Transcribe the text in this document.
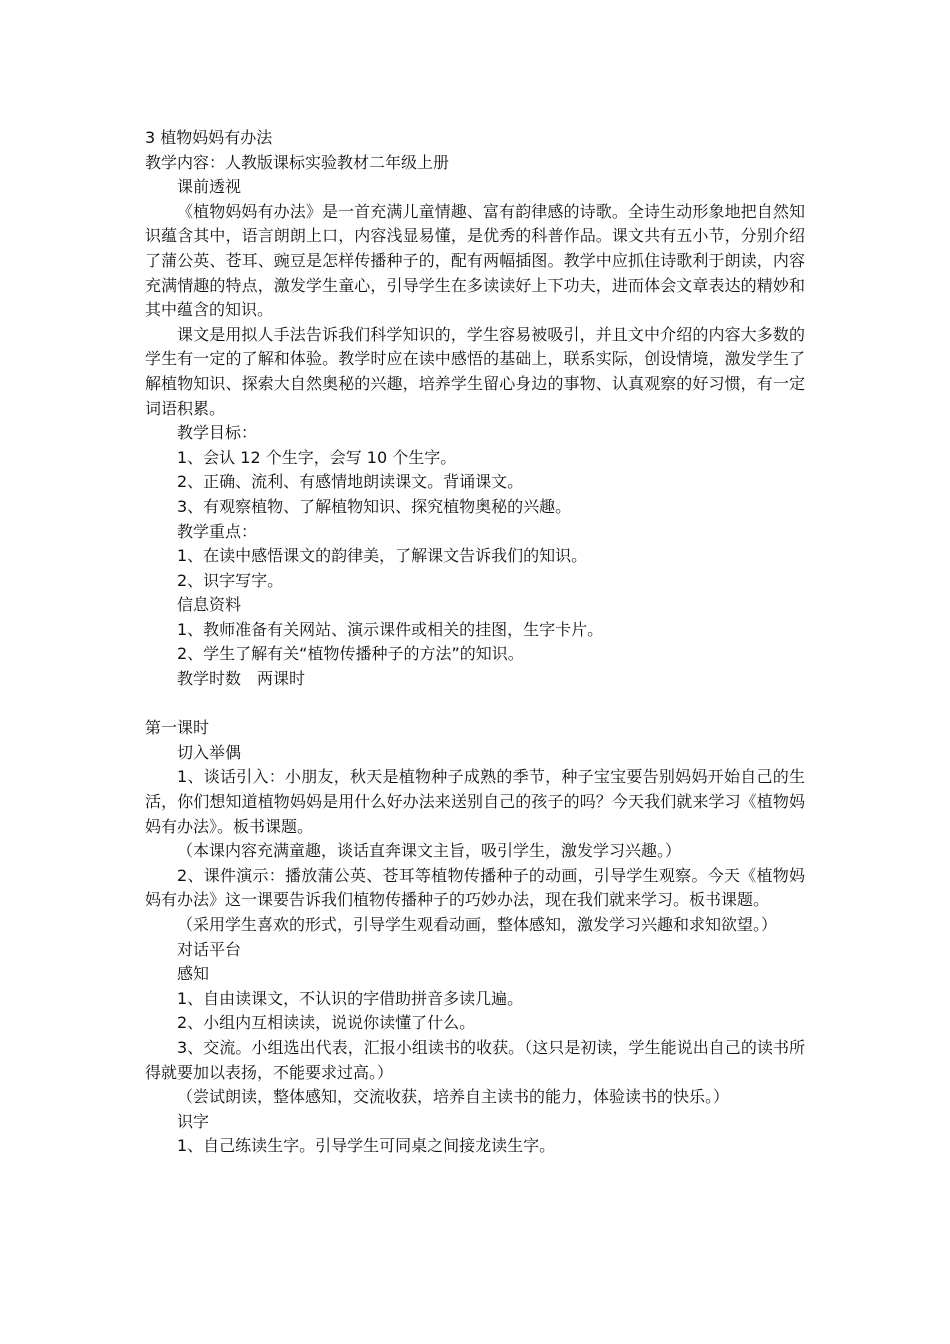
3 植物妈妈有办法

教学内容：人教版课标实验教材二年级上册

课前透视

《植物妈妈有办法》是一首充满儿童情趣、富有韵律感的诗歌。全诗生动形象地把自然知识蕴含其中，语言朗朗上口，内容浅显易懂，是优秀的科普作品。课文共有五小节，分别介绍了蒲公英、苍耳、豌豆是怎样传播种子的，配有两幅插图。教学中应抓住诗歌利于朗读，内容充满情趣的特点，激发学生童心，引导学生在多读读好上下功夫，进而体会文章表达的精妙和其中蕴含的知识。

课文是用拟人手法告诉我们科学知识的，学生容易被吸引，并且文中介绍的内容大多数的学生有一定的了解和体验。教学时应在读中感悟的基础上，联系实际，创设情境，激发学生了解植物知识、探索大自然奥秘的兴趣，培养学生留心身边的事物、认真观察的好习惯，有一定词语积累。

教学目标：

1、会认 12 个生字，会写 10 个生字。

2、正确、流利、有感情地朗读课文。背诵课文。

3、有观察植物、了解植物知识、探究植物奥秘的兴趣。

教学重点：

1、在读中感悟课文的韵律美，了解课文告诉我们的知识。

2、识字写字。

信息资料

1、教师准备有关网站、演示课件或相关的挂图，生字卡片。

2、学生了解有关“植物传播种子的方法”的知识。

教学时数　两课时

第一课时

切入举偶

1、谈话引入：小朋友，秋天是植物种子成熟的季节，种子宝宝要告别妈妈开始自己的生活，你们想知道植物妈妈是用什么好办法来送别自己的孩子的吗？今天我们就来学习《植物妈妈有办法》。板书课题。

（本课内容充满童趣，谈话直奔课文主旨，吸引学生，激发学习兴趣。）

2、课件演示：播放蒲公英、苍耳等植物传播种子的动画，引导学生观察。今天《植物妈妈有办法》这一课要告诉我们植物传播种子的巧妙办法，现在我们就来学习。板书课题。

（采用学生喜欢的形式，引导学生观看动画，整体感知，激发学习兴趣和求知欲望。）

对话平台

感知

1、自由读课文，不认识的字借助拼音多读几遍。

2、小组内互相读读，说说你读懂了什么。

3、交流。小组选出代表，汇报小组读书的收获。（这只是初读，学生能说出自己的读书所得就要加以表扬，不能要求过高。）

（尝试朗读，整体感知，交流收获，培养自主读书的能力，体验读书的快乐。）

识字

1、自己练读生字。引导学生可同桌之间接龙读生字。
